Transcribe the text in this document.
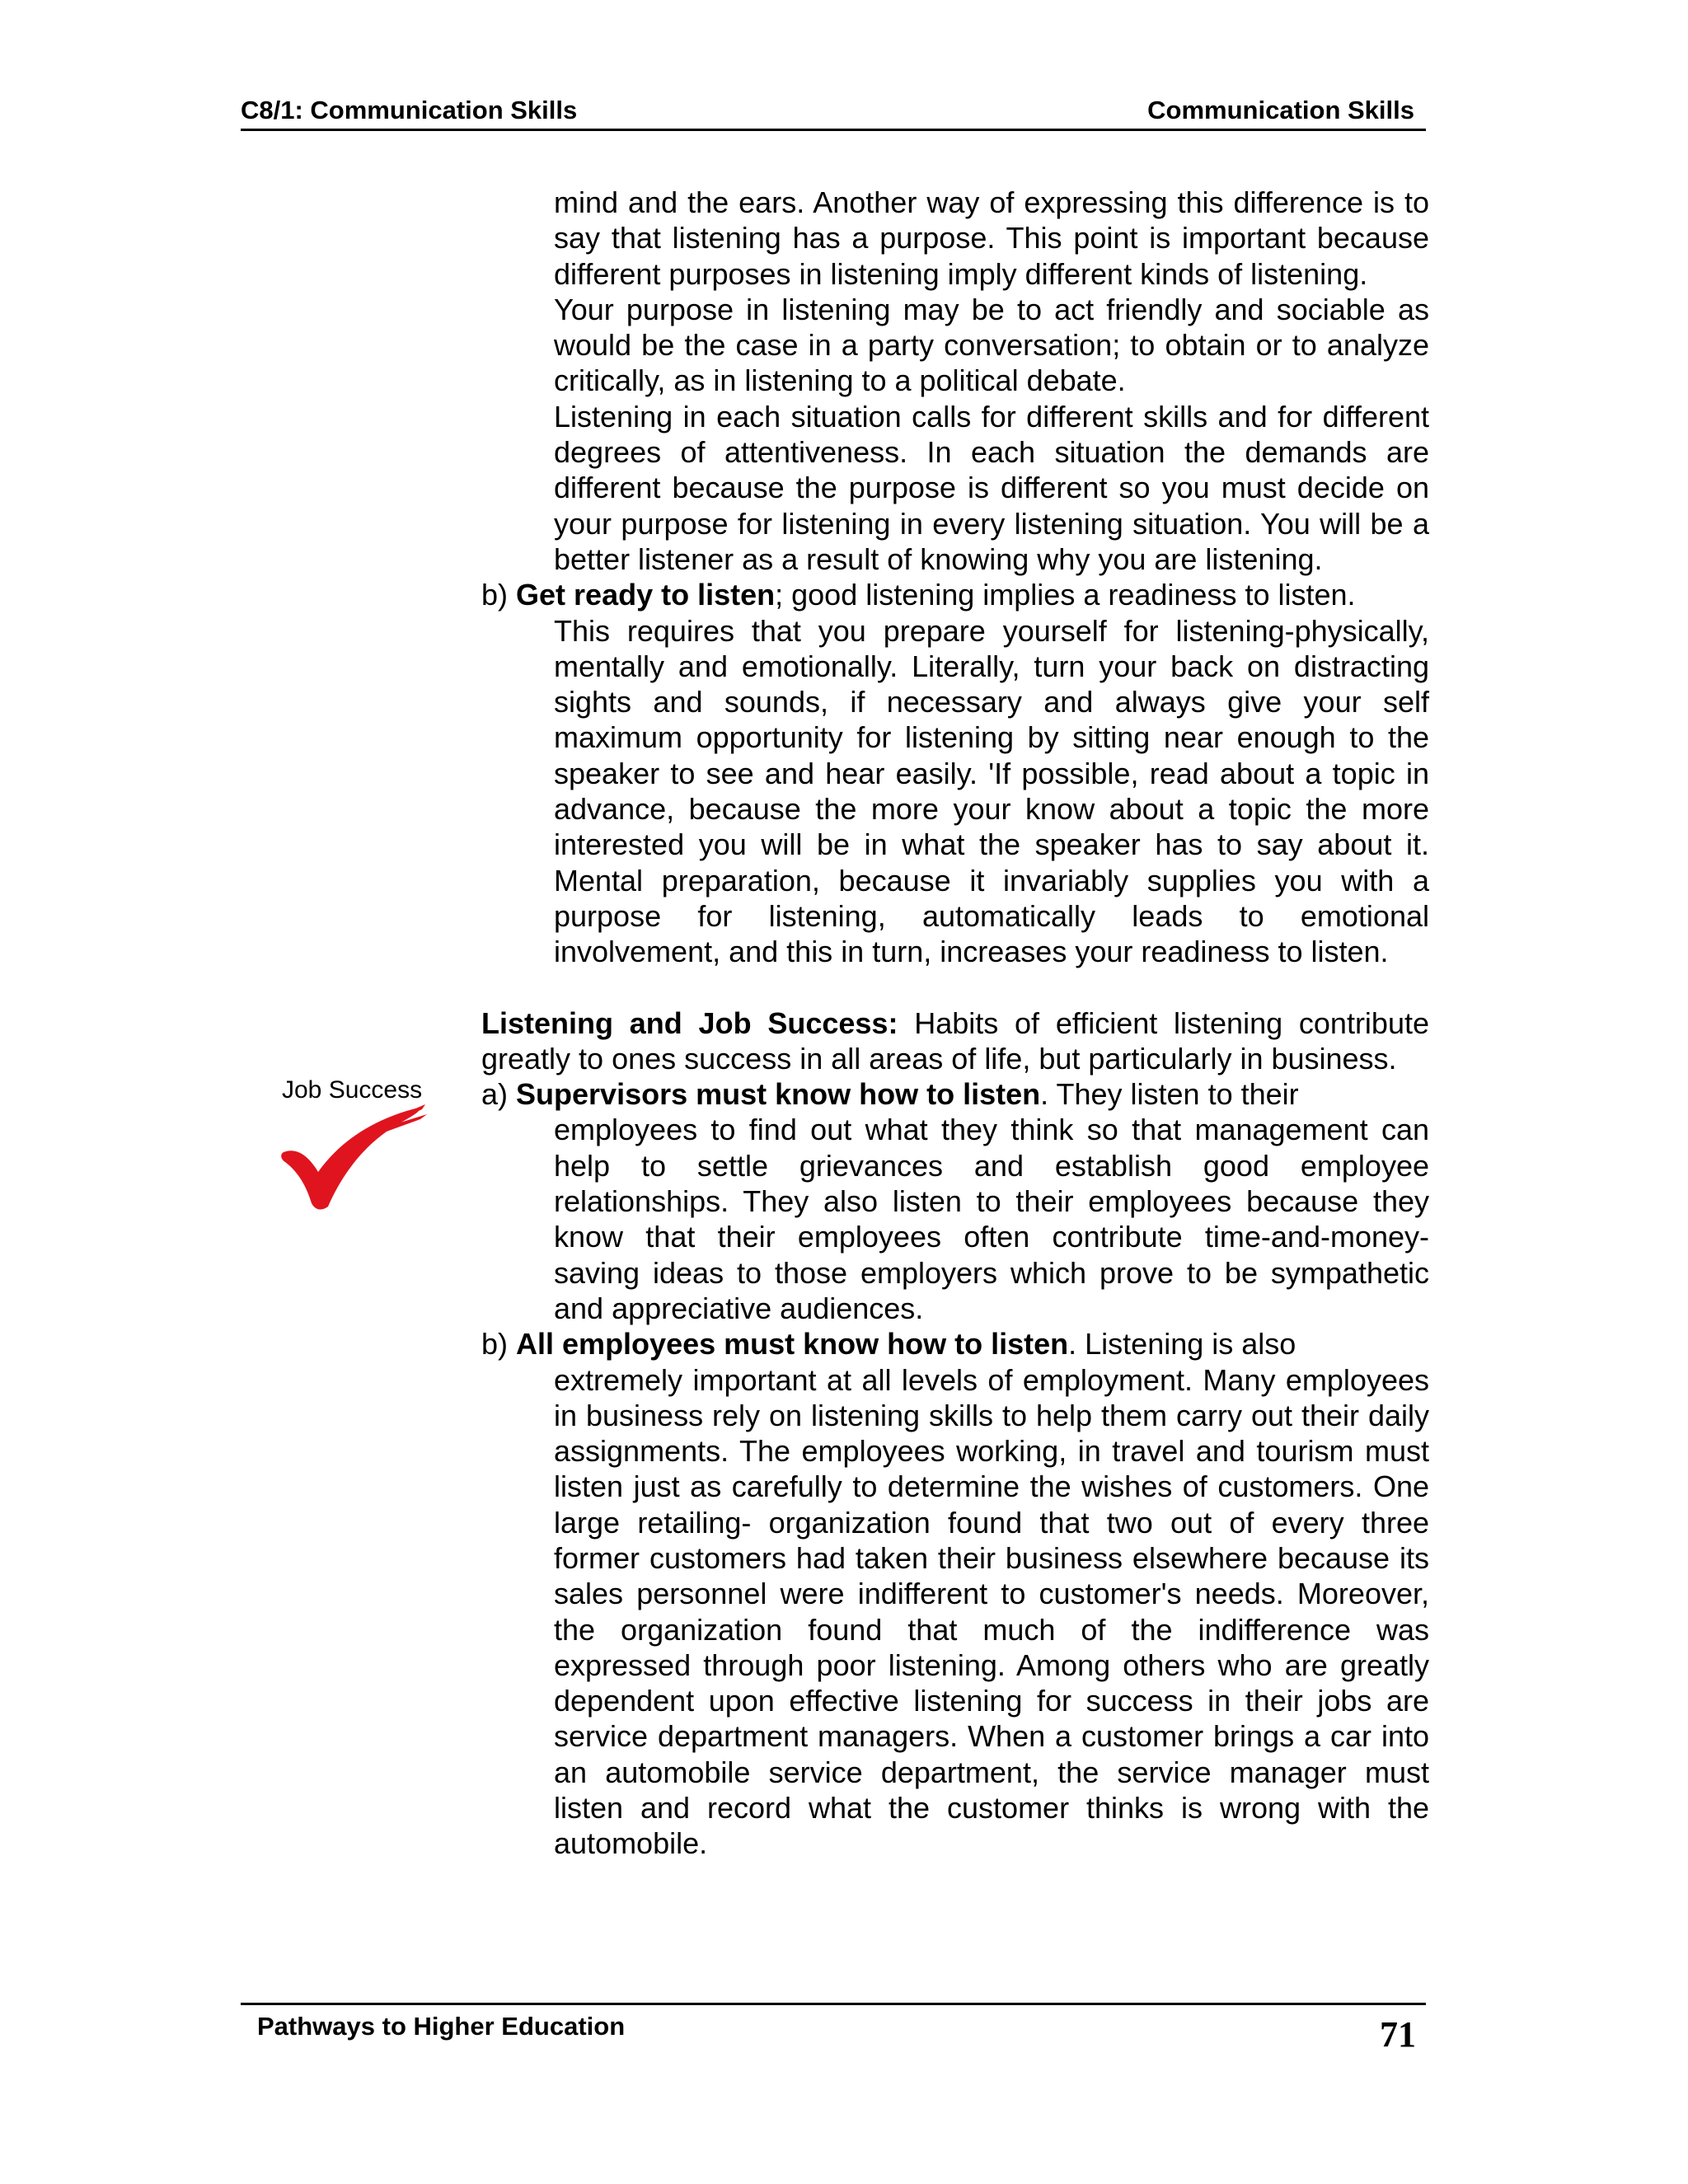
C8/1: Communication Skills	Communication Skills
Job Success

mind and the ears. Another way of expressing this difference is to say that listening has a purpose. This point is important because different purposes in listening imply different kinds of listening.

Your purpose in listening may be to act friendly and sociable as would be the case in a party conversation; to obtain or to analyze critically, as in listening to a political debate.

Listening in each situation calls for different skills and for different degrees of attentiveness. In each situation the demands are different because the purpose is different so you must decide on your purpose for listening in every listening situation. You will be a better listener as a result of knowing why you are listening.

b) Get ready to listen; good listening implies a readiness to listen.

This requires that you prepare yourself for listening-physically, mentally and emotionally. Literally, turn your back on distracting sights and sounds, if necessary and always give your self maximum opportunity for listening by sitting near enough to the speaker to see and hear easily. 'If possible, read about a topic in advance, because the more your know about a topic the more interested you will be in what the speaker has to say about it. Mental preparation, because it invariably supplies you with a purpose for listening, automatically leads to emotional involvement, and this in turn, increases your readiness to listen.

Listening and Job Success: Habits of efficient listening contribute greatly to ones success in all areas of life, but particularly in business.

a) Supervisors must know how to listen. They listen to their

employees to find out what they think so that management can help to settle grievances and establish good employee relationships. They also listen to their employees because they know that their employees often contribute time-and-money-saving ideas to those employers which prove to be sympathetic and appreciative audiences.

b) All employees must know how to listen. Listening is also

extremely important at all levels of employment. Many employees in business rely on listening skills to help them carry out their daily assignments. The employees working, in travel and tourism must listen just as carefully to determine the wishes of customers. One large retailing- organization found that two out of every three former customers had taken their business elsewhere because its sales personnel were indifferent to customer's needs. Moreover, the organization found that much of the indifference was expressed through poor listening. Among others who are greatly dependent upon effective listening for success in their jobs are service department managers. When a customer brings a car into an automobile service department, the service manager must listen and record what the customer thinks is wrong with the automobile.

Pathways to Higher Education	71
